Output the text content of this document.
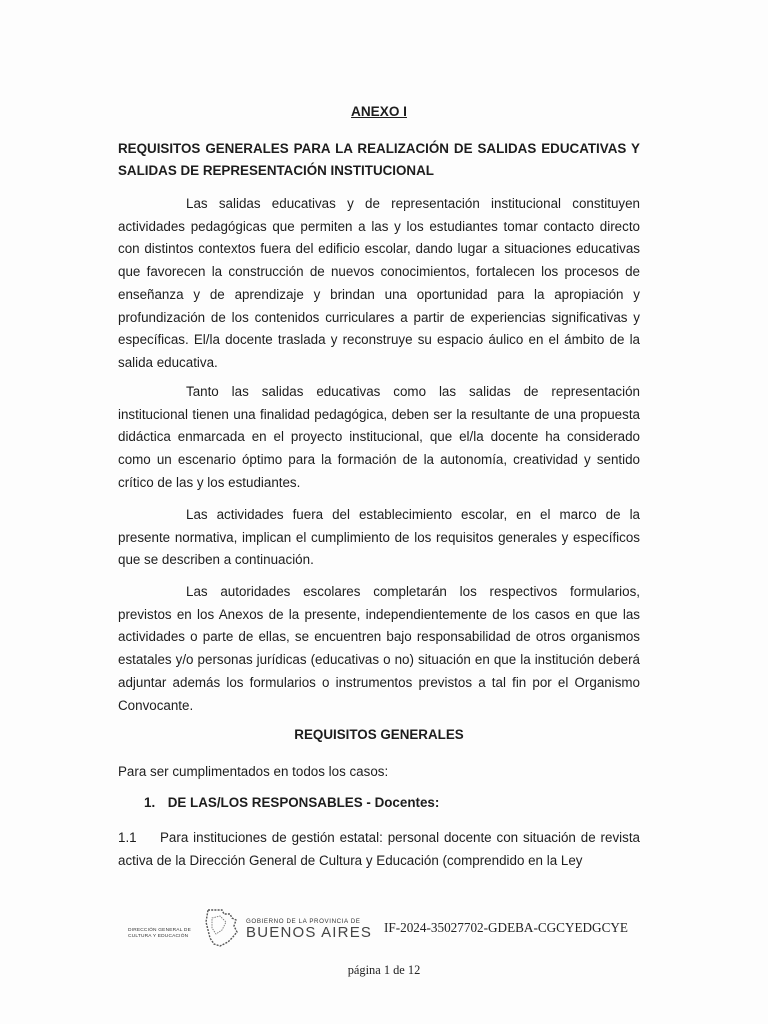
ANEXO I
REQUISITOS GENERALES PARA LA REALIZACIÓN DE SALIDAS EDUCATIVAS Y SALIDAS DE REPRESENTACIÓN INSTITUCIONAL
Las salidas educativas y de representación institucional constituyen actividades pedagógicas que permiten a las y los estudiantes tomar contacto directo con distintos contextos fuera del edificio escolar, dando lugar a situaciones educativas que favorecen la construcción de nuevos conocimientos, fortalecen los procesos de enseñanza y de aprendizaje y brindan una oportunidad para la apropiación y profundización de los contenidos curriculares a partir de experiencias significativas y específicas. El/la docente traslada y reconstruye su espacio áulico en el ámbito de la salida educativa.
Tanto las salidas educativas como las salidas de representación institucional tienen una finalidad pedagógica, deben ser la resultante de una propuesta didáctica enmarcada en el proyecto institucional, que el/la docente ha considerado como un escenario óptimo para la formación de la autonomía, creatividad y sentido crítico de las y los estudiantes.
Las actividades fuera del establecimiento escolar, en el marco de la presente normativa, implican el cumplimiento de los requisitos generales y específicos que se describen a continuación.
Las autoridades escolares completarán los respectivos formularios, previstos en los Anexos de la presente, independientemente de los casos en que las actividades o parte de ellas, se encuentren bajo responsabilidad de otros organismos estatales y/o personas jurídicas (educativas o no) situación en que la institución deberá adjuntar además los formularios o instrumentos previstos a tal fin por el Organismo Convocante.
REQUISITOS GENERALES
Para ser cumplimentados en todos los casos:
1. DE LAS/LOS RESPONSABLES - Docentes:
1.1 Para instituciones de gestión estatal: personal docente con situación de revista activa de la Dirección General de Cultura y Educación (comprendido en la Ley
DIRECCIÓN GENERAL DE CULTURA Y EDUCACIÓN
GOBIERNO DE LA PROVINCIA DE
BUENOS AIRES IF-2024-35027702-GDEBA-CGCYEDGCYE
página 1 de 12
